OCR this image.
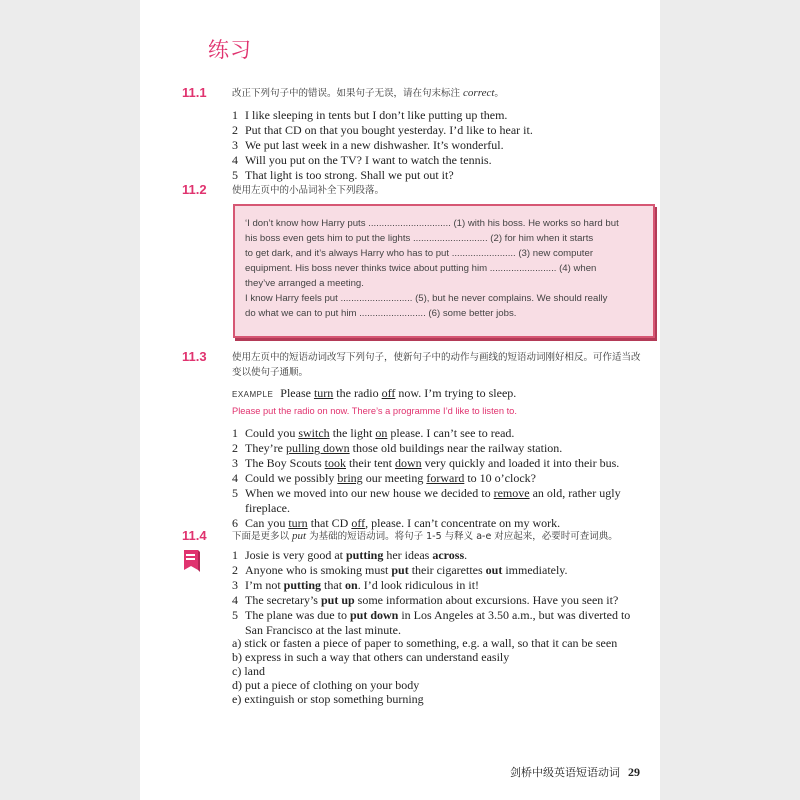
练习
11.1	改正下列句子中的错误。如果句子无误，请在句末标注 correct。
1 I like sleeping in tents but I don’t like putting up them.
2 Put that CD on that you bought yesterday. I’d like to hear it.
3 We put last week in a new dishwasher. It’s wonderful.
4 Will you put on the TV? I want to watch the tennis.
5 That light is too strong. Shall we put out it?
11.2	使用左页中的小品词补全下列段落。
‘I don’t know how Harry puts ............................... (1) with his boss. He works so hard but
his boss even gets him to put the lights ............................ (2) for him when it starts
to get dark, and it’s always Harry who has to put ........................ (3) new computer
equipment. His boss never thinks twice about putting him ......................... (4) when
they’ve arranged a meeting.
I know Harry feels put ........................... (5), but he never complains. We should really
do what we can to put him ......................... (6) some better jobs.
11.3	使用左页中的短语动词改写下列句子，使新句子中的动作与画线的短语动词刚好相反。可作适当改
变以使句子通顺。
EXAMPLE Please turn the radio off now. I’m trying to sleep.
Please put the radio on now. There’s a programme I’d like to listen to.
1 Could you switch the light on please. I can’t see to read.
2 They’re pulling down those old buildings near the railway station.
3 The Boy Scouts took their tent down very quickly and loaded it into their bus.
4 Could we possibly bring our meeting forward to 10 o’clock?
5 When we moved into our new house we decided to remove an old, rather ugly
fireplace.
6 Can you turn that CD off, please. I can’t concentrate on my work.
11.4	下面是更多以 put 为基础的短语动词。将句子 1-5 与释义 a-e 对应起来，必要时可查词典。
1 Josie is very good at putting her ideas across.
2 Anyone who is smoking must put their cigarettes out immediately.
3 I’m not putting that on. I’d look ridiculous in it!
4 The secretary’s put up some information about excursions. Have you seen it?
5 The plane was due to put down in Los Angeles at 3.50 a.m., but was diverted to
San Francisco at the last minute.
a) stick or fasten a piece of paper to something, e.g. a wall, so that it can be seen
b) express in such a way that others can understand easily
c) land
d) put a piece of clothing on your body
e) extinguish or stop something burning
剑桥中级英语短语动词 29
